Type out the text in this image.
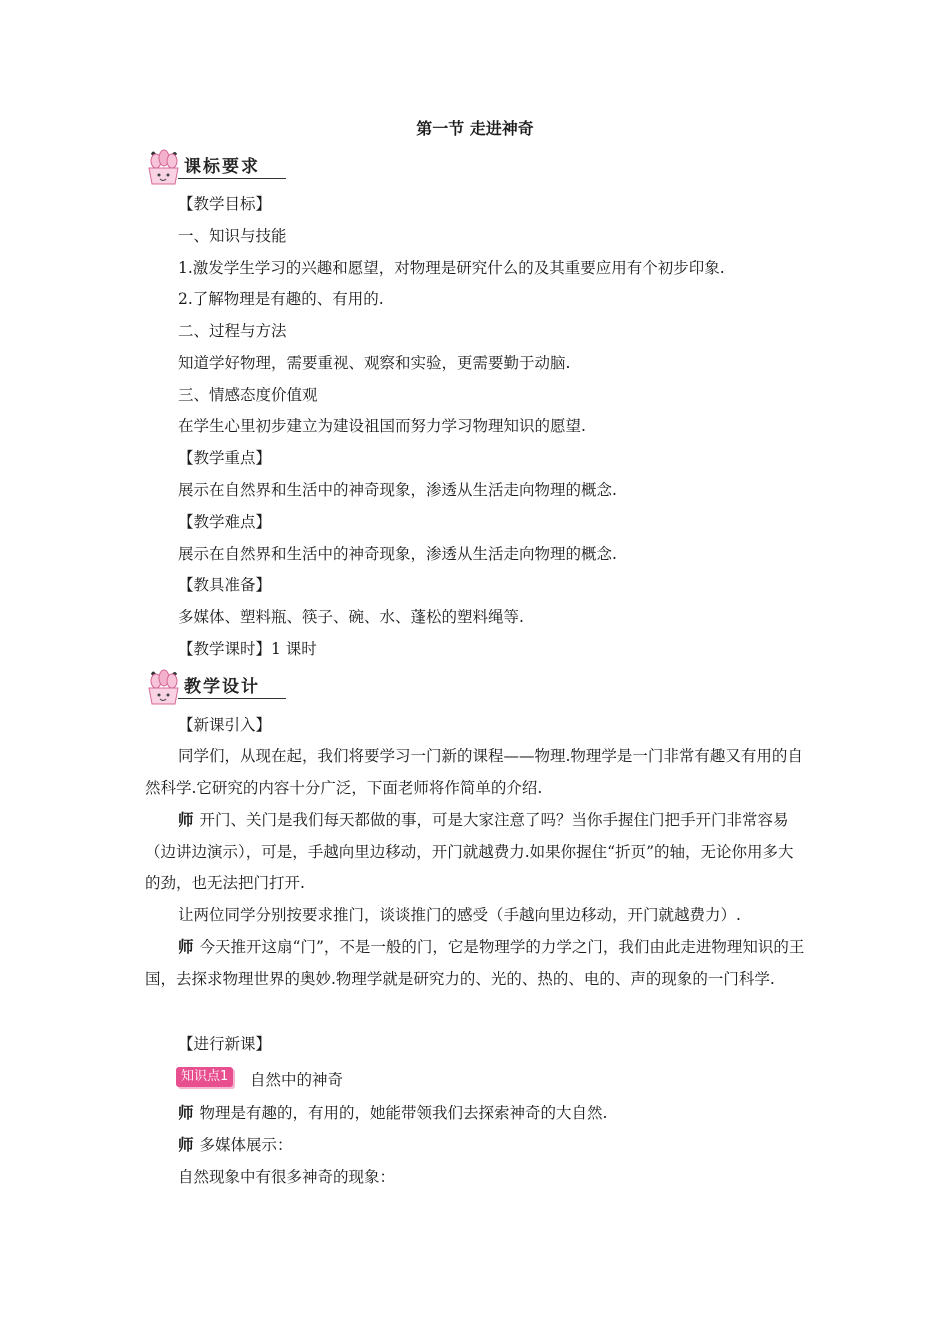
第一节 走进神奇
课标要求
【教学目标】
一、知识与技能
1.激发学生学习的兴趣和愿望，对物理是研究什么的及其重要应用有个初步印象.
2.了解物理是有趣的、有用的.
二、过程与方法
知道学好物理，需要重视、观察和实验，更需要勤于动脑.
三、情感态度价值观
在学生心里初步建立为建设祖国而努力学习物理知识的愿望.
【教学重点】
展示在自然界和生活中的神奇现象，渗透从生活走向物理的概念.
【教学难点】
展示在自然界和生活中的神奇现象，渗透从生活走向物理的概念.
【教具准备】
多媒体、塑料瓶、筷子、碗、水、蓬松的塑料绳等.
【教学课时】1 课时
教学设计
【新课引入】
同学们，从现在起，我们将要学习一门新的课程——物理.物理学是一门非常有趣又有用的自然科学.它研究的内容十分广泛，下面老师将作简单的介绍.
师 开门、关门是我们每天都做的事，可是大家注意了吗？当你手握住门把手开门非常容易（边讲边演示），可是，手越向里边移动，开门就越费力.如果你握住“折页”的轴，无论你用多大的劲，也无法把门打开.
让两位同学分别按要求推门，谈谈推门的感受（手越向里边移动，开门就越费力）.
师 今天推开这扇“门”，不是一般的门，它是物理学的力学之门，我们由此走进物理知识的王国，去探求物理世界的奥妙.物理学就是研究力的、光的、热的、电的、声的现象的一门科学.
【进行新课】
知识点1	自然中的神奇
师 物理是有趣的，有用的，她能带领我们去探索神奇的大自然.
师 多媒体展示：
自然现象中有很多神奇的现象：
